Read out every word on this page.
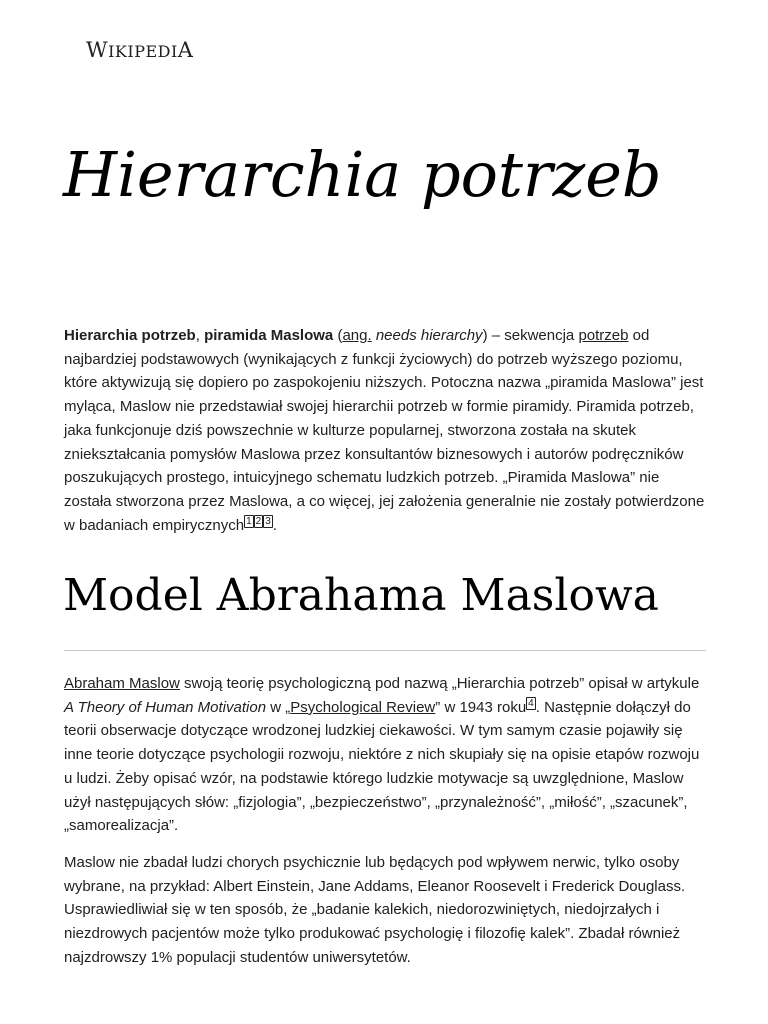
WIKIPEDIA
Hierarchia potrzeb

Hierarchia potrzeb, piramida Maslowa (ang. needs hierarchy) – sekwencja potrzeb od najbardziej podstawowych (wynikających z funkcji życiowych) do potrzeb wyższego poziomu, które aktywizują się dopiero po zaspokojeniu niższych. Potoczna nazwa „piramida Maslowa” jest myląca, Maslow nie przedstawiał swojej hierarchii potrzeb w formie piramidy. Piramida potrzeb, jaka funkcjonuje dziś powszechnie w kulturze popularnej, stworzona została na skutek zniekształcania pomysłów Maslowa przez konsultantów biznesowych i autorów podręczników poszukujących prostego, intuicyjnego schematu ludzkich potrzeb. „Piramida Maslowa” nie została stworzona przez Maslowa, a co więcej, jej założenia generalnie nie zostały potwierdzone w badaniach empirycznych $^{1 2 3}$ .

Model Abrahama Maslowa

Abraham Maslow swoją teorię psychologiczną pod nazwą „Hierarchia potrzeb” opisał w artykule A Theory of Human Motivation w „Psychological Review” w 1943 roku $^4$ . Następnie dołączył do teorii obserwacje dotyczące wrodzonej ludzkiej ciekawości. W tym samym czasie pojawiły się inne teorie dotyczące psychologii rozwoju, niektóre z nich skupiały się na opisie etapów rozwoju u ludzi. Żeby opisać wzór, na podstawie którego ludzkie motywacje są uwzględnione, Maslow użył następujących słów: „fizjologia”, „bezpieczeństwo”, „przynależność”, „miłość”, „szacunek”, „samorealizacja”.

Maslow nie zbadał ludzi chorych psychicznie lub będących pod wpływem nerwic, tylko osoby wybrane, na przykład: Albert Einstein, Jane Addams, Eleanor Roosevelt i Frederick Douglass. Usprawiedliwiał się w ten sposób, że „badanie kalekich, niedorozwiniętych, niedojrzałych i niezdrowych pacjentów może tylko produkować psychologię i filozofię kalek”. Zbadał również najzdrowszy 1% populacji studentów uniwersytetów.
